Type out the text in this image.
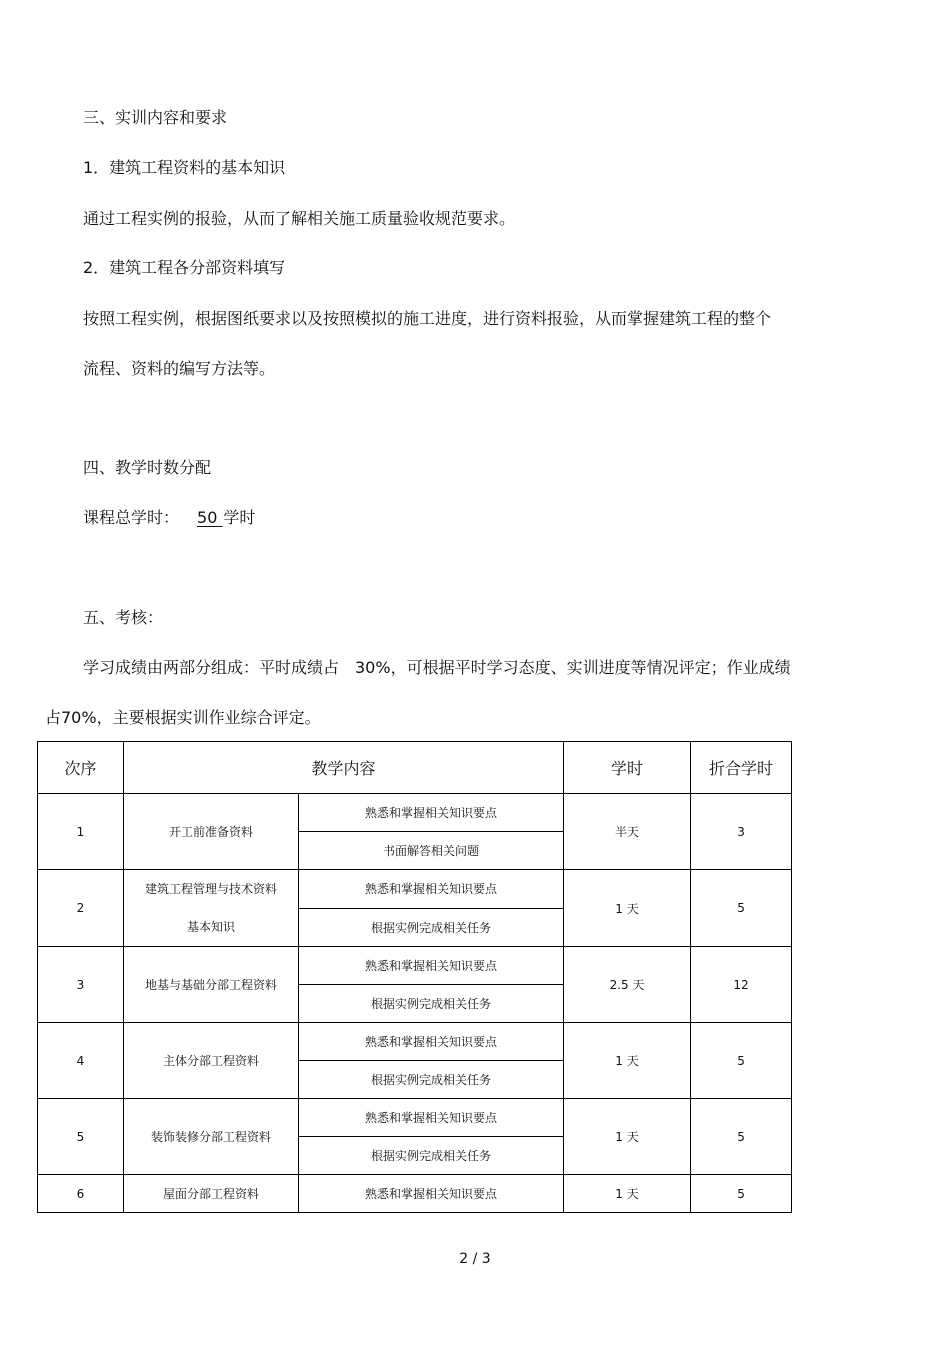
三、实训内容和要求
1．建筑工程资料的基本知识
通过工程实例的报验，从而了解相关施工质量验收规范要求。
2．建筑工程各分部资料填写
按照工程实例，根据图纸要求以及按照模拟的施工进度，进行资料报验，从而掌握建筑工程的整个
流程、资料的编写方法等。
四、教学时数分配
课程总学时： 50 学时
五、考核：
学习成绩由两部分组成：平时成绩占　30%，可根据平时学习态度、实训进度等情况评定；作业成绩
占70%，主要根据实训作业综合评定。
次序	教学内容		学时	折合学时
1	开工前准备资料	熟悉和掌握相关知识要点	半天	3
		书面解答相关问题		
2	建筑工程管理与技术资料
基本知识	熟悉和掌握相关知识要点	1 天	5
		根据实例完成相关任务		
3	地基与基础分部工程资料	熟悉和掌握相关知识要点	2.5 天	12
		根据实例完成相关任务		
4	主体分部工程资料	熟悉和掌握相关知识要点	1 天	5
		根据实例完成相关任务		
5	装饰装修分部工程资料	熟悉和掌握相关知识要点	1 天	5
		根据实例完成相关任务		
6	屋面分部工程资料	熟悉和掌握相关知识要点	1 天	5
2 / 3
